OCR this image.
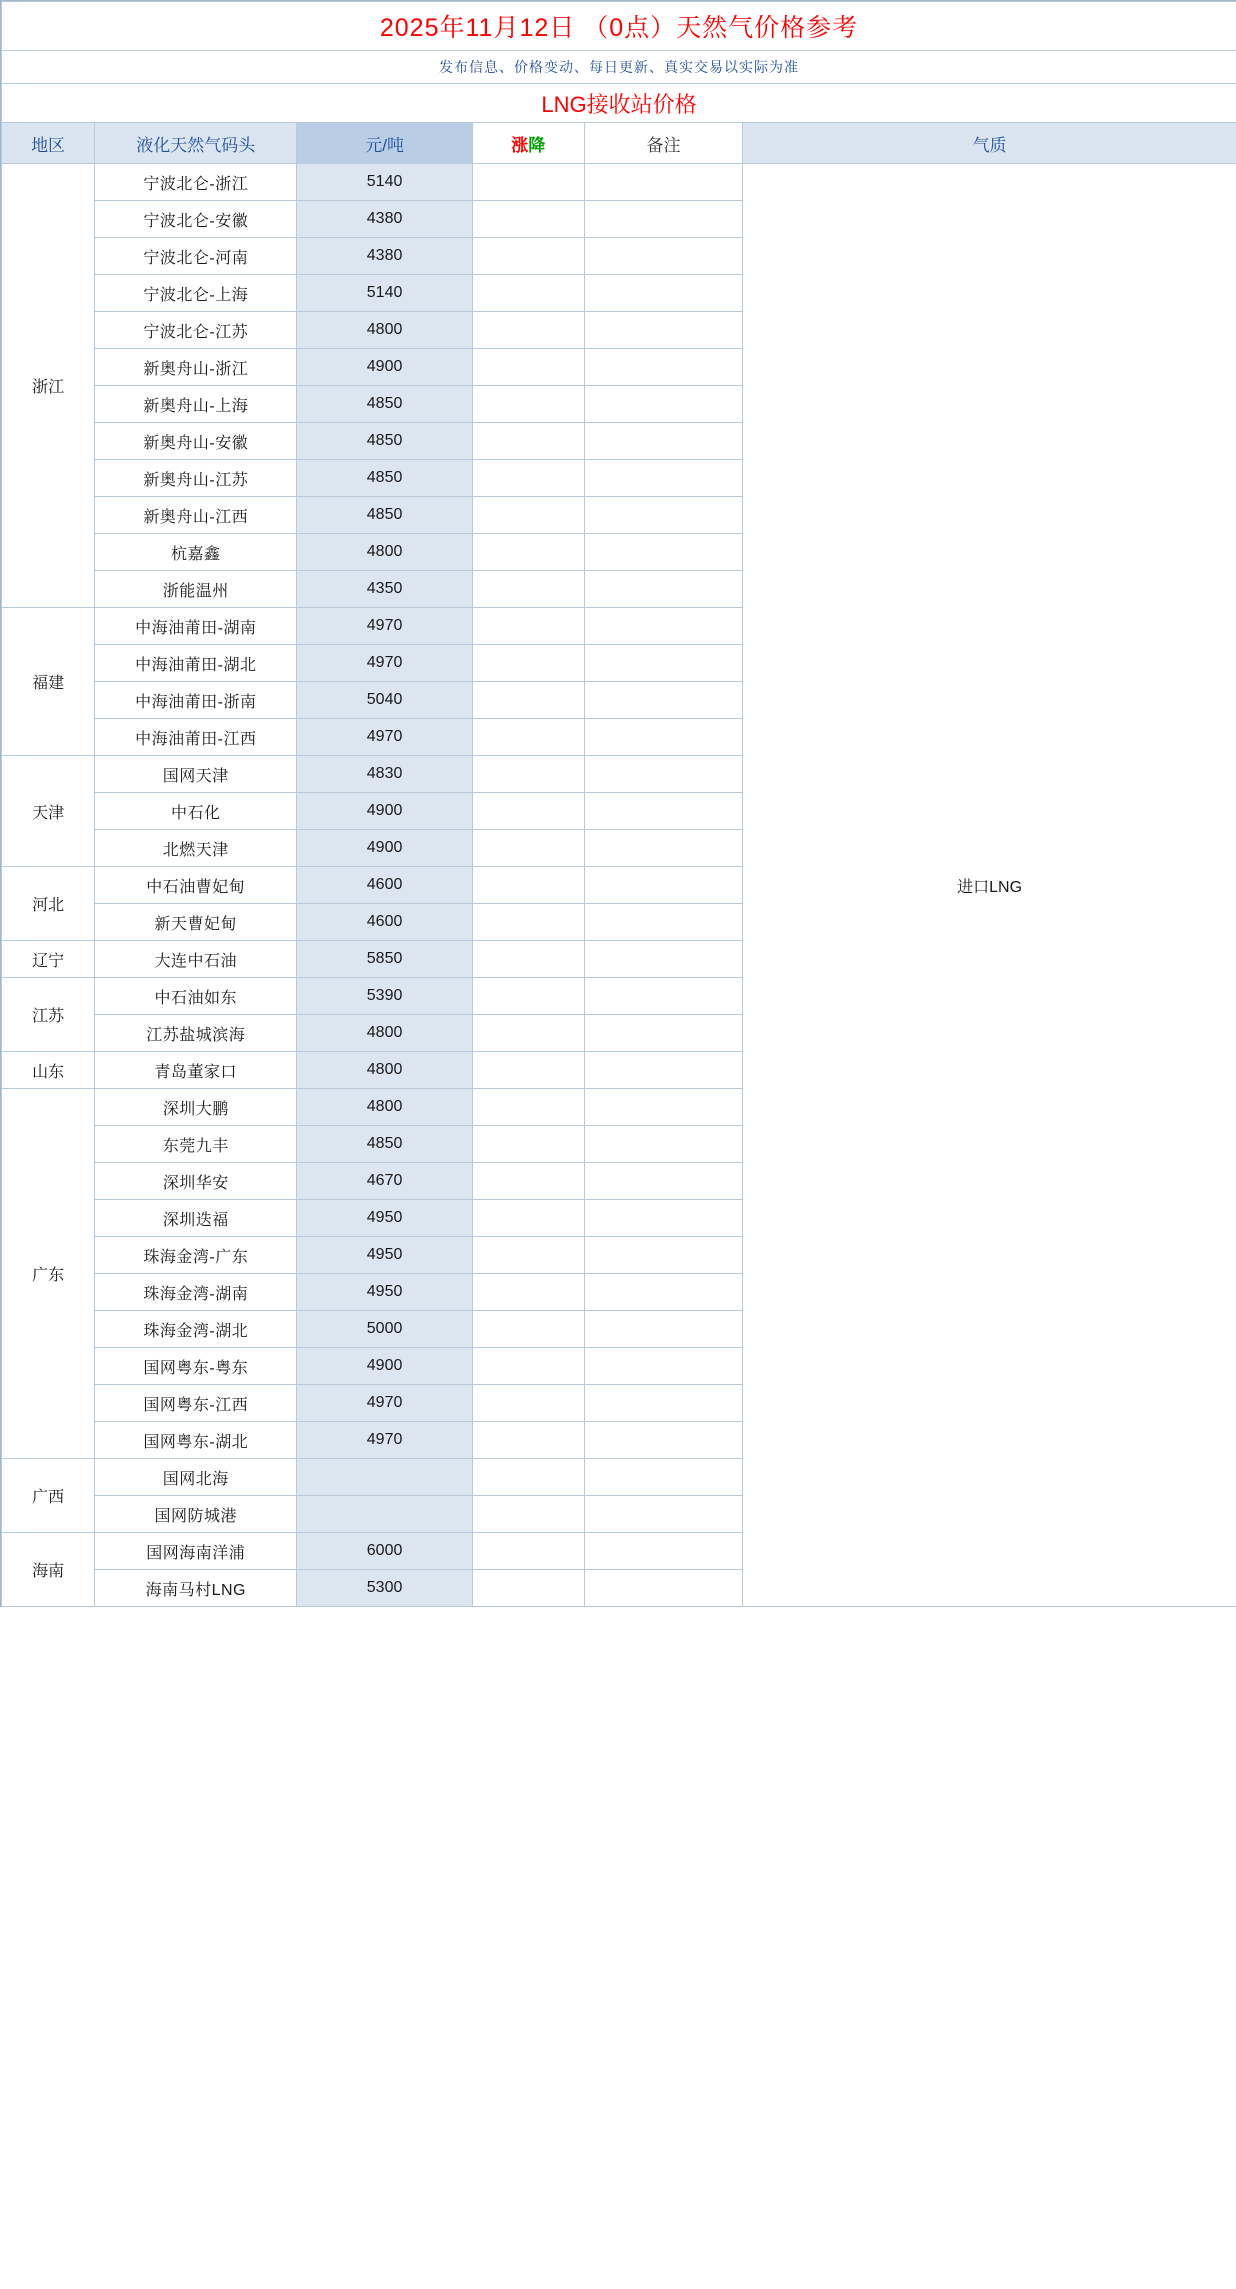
2025年11月12日 （0点）天然气价格参考					
发布信息、价格变动、每日更新、真实交易以实际为准					
LNG接收站价格					
地区	液化天然气码头	元/吨	涨降	备注	气质
浙江	宁波北仑-浙江	5140			进口LNG

	宁波北仑-安徽	4380			
	宁波北仑-河南	4380			
	宁波北仑-上海	5140			
	宁波北仑-江苏	4800			
	新奥舟山-浙江	4900			
	新奥舟山-上海	4850			
	新奥舟山-安徽	4850			
	新奥舟山-江苏	4850			
	新奥舟山-江西	4850			
	杭嘉鑫	4800			
	浙能温州	4350			
福建	中海油莆田-湖南	4970			
	中海油莆田-湖北	4970			
	中海油莆田-浙南	5040			
	中海油莆田-江西	4970			
天津	国网天津	4830			
	中石化	4900			
	北燃天津	4900			
河北	中石油曹妃甸	4600			
	新天曹妃甸	4600			
辽宁	大连中石油	5850			
江苏	中石油如东	5390			
	江苏盐城滨海	4800			
山东	青岛董家口	4800			
广东	深圳大鹏	4800			
	东莞九丰	4850			
	深圳华安	4670			
	深圳迭福	4950			
	珠海金湾-广东	4950			
	珠海金湾-湖南	4950			
	珠海金湾-湖北	5000			
	国网粤东-粤东	4900			
	国网粤东-江西	4970			
	国网粤东-湖北	4970			
广西	国网北海				
	国网防城港				
海南	国网海南洋浦	6000			
	海南马村LNG	5300			
